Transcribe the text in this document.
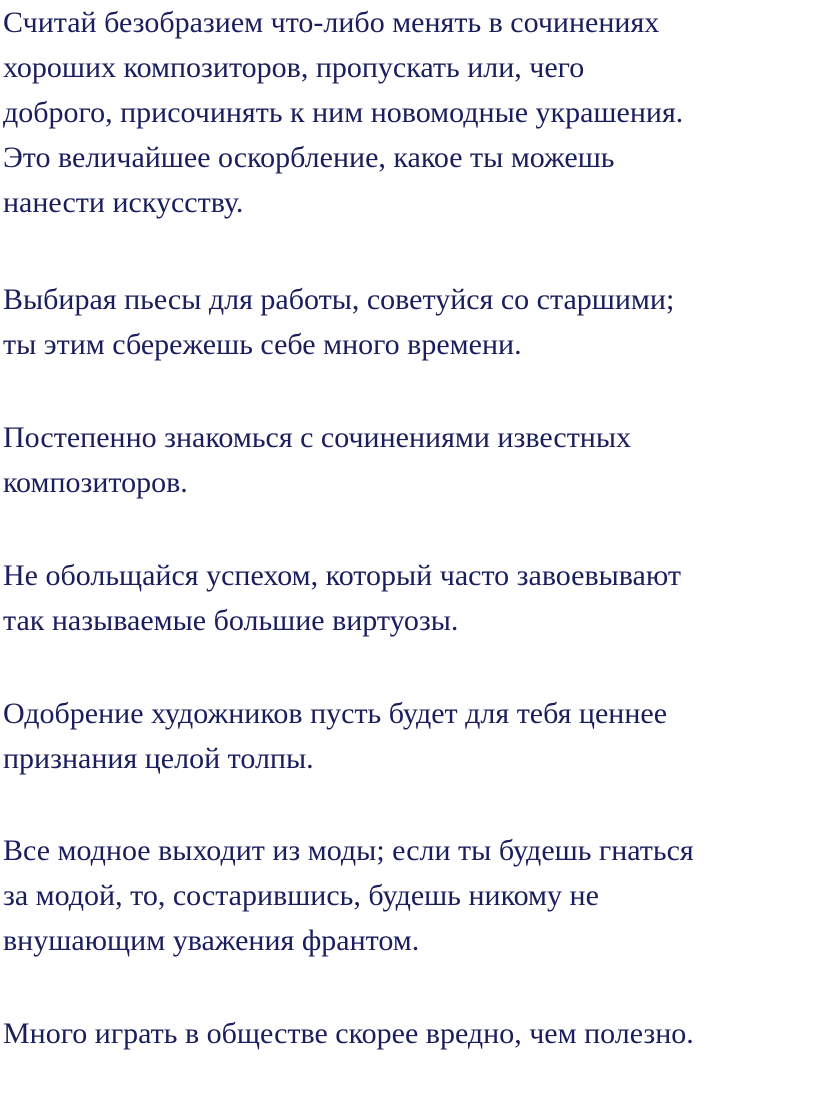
Считай безобразием что-либо менять в сочинениях
хороших композиторов, пропускать или, чего
доброго, присочинять к ним новомодные украшения.
Это величайшее оскорбление, какое ты можешь
нанести искусству.

Выбирая пьесы для работы, советуйся со старшими;
ты этим сбережешь себе много времени.

Постепенно знакомься с сочинениями известных
композиторов.

Не обольщайся успехом, который часто завоевывают
так называемые большие виртуозы.

Одобрение художников пусть будет для тебя ценнее
признания целой толпы.

Все модное выходит из моды; если ты будешь гнаться
за модой, то, состарившись, будешь никому не
внушающим уважения франтом.

Много играть в обществе скорее вредно, чем полезно.
